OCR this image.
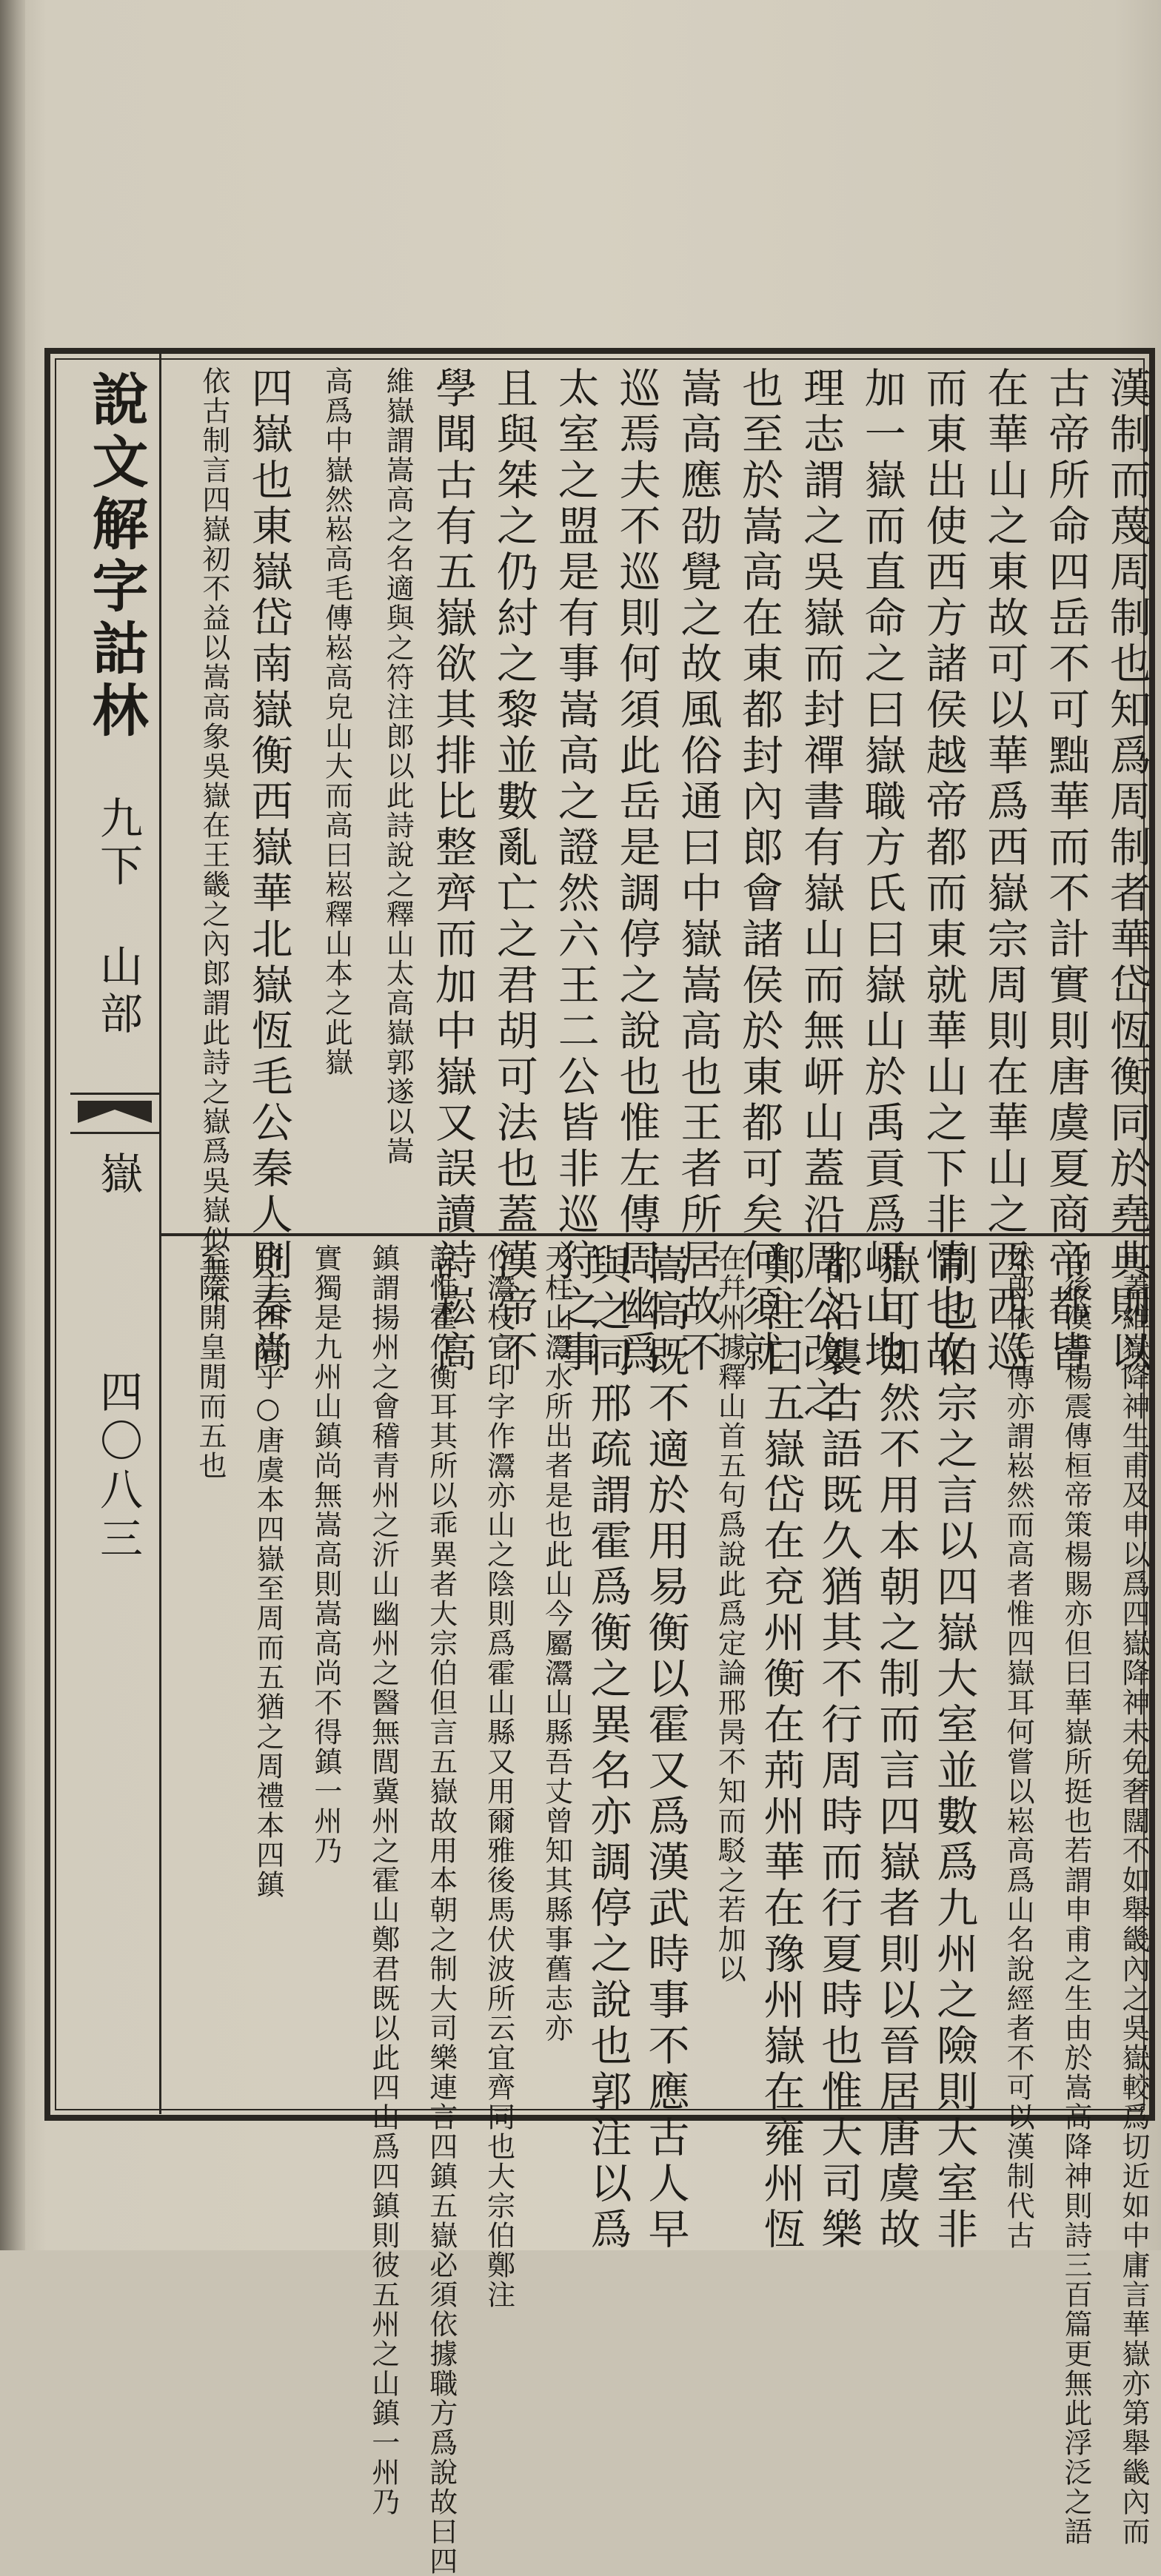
說文解字詁林
九下
山部
嶽
四〇八三
漢制而蔑周制也知爲周制者華岱恆衡同於堯典則以
古帝所命四岳不可黜華而不計實則唐虞夏商帝都皆
在華山之東故可以華爲西嶽宗周則在華山之西西巡
而東出使西方諸侯越帝都而東就華山之下非情也故
加一嶽而直命之曰嶽職方氏曰嶽山於禹貢爲岍山地
理志謂之吳嶽而封禪書有嶽山而無岍山蓋沿周公改之
也至於嵩高在東都封內郎會諸侯於東都可矣何須就
嵩高應劭覺之故風俗通曰中嶽嵩高也王者所居故不
巡焉夫不巡則何須此岳是調停之說也惟左傳周幽爲
太室之盟是有事嵩高之證然六王二公皆非巡狩之事
且與桀之仍紂之黎並數亂亡之君胡可法也蓋漢帝不
學聞古有五嶽欲其排比整齊而加中嶽又誤讀詩崧高
維嶽謂嵩高之名適與之符注郎以此詩說之釋山太高嶽郭遂以嵩
高爲中嶽然崧高毛傳崧高皃山大而高曰崧釋山本之此嶽
四嶽也東嶽岱南嶽衡西嶽華北嶽恆毛公秦人則秦尚
依古制言四嶽初不益以嵩高象吳嶽在王畿之內郎謂此詩之嶽爲吳嶽似無不
可蓋維嶽降神生甫及申以爲四嶽降神未免奢闊不如舉畿內之吳嶽較爲切近如中庸言華嶽亦第舉畿內而
山後漢書楊震傳桓帝策楊賜亦但曰華嶽所挺也若謂申甫之生由於嵩高降神則詩三百篇更無此浮泛之語
然郎依毛傳亦謂崧然而高者惟四嶽耳何嘗以崧高爲山名說經者不可以漢制代古
制也伯宗之言以四嶽大室並數爲九州之險則大室非
嶽可知然不用本朝之制而言四嶽者則以晉居唐虞故
都沿襲古語既久猶其不行周時而行夏時也惟大司樂
鄭注曰五嶽岱在兗州衡在荊州華在豫州嶽在雍州恆
在幷州據釋山首五句爲說此爲定論邢昺不知而駁之若加以
嵩高既不適於用易衡以霍又爲漢武時事不應古人早
與之同邢疏謂霍爲衡之異名亦調停之說也郭注以爲
天柱山灊水所出者是也此山今屬灊山縣吾丈曾知其縣事舊志亦
作灊枝官印字作灊亦山之陰則爲霍山縣又用爾雅後馬伏波所云宜齊同也大宗伯鄭注
說惟霍作衡耳其所以乖異者大宗伯但言五嶽故用本朝之制大司樂連言四鎮五嶽必須依據職方爲說故曰四
鎮謂揚州之會稽青州之沂山幽州之醫無閭冀州之霍山鄭君既以此四山爲四鎮則彼五州之山鎮一州乃
實獨是九州山鎮尚無嵩高則嵩高尚不得鎮一州乃
侪于四嶽乎○唐虞本四嶽至周而五猶之周禮本四鎮
至隋開皇閒而五也
